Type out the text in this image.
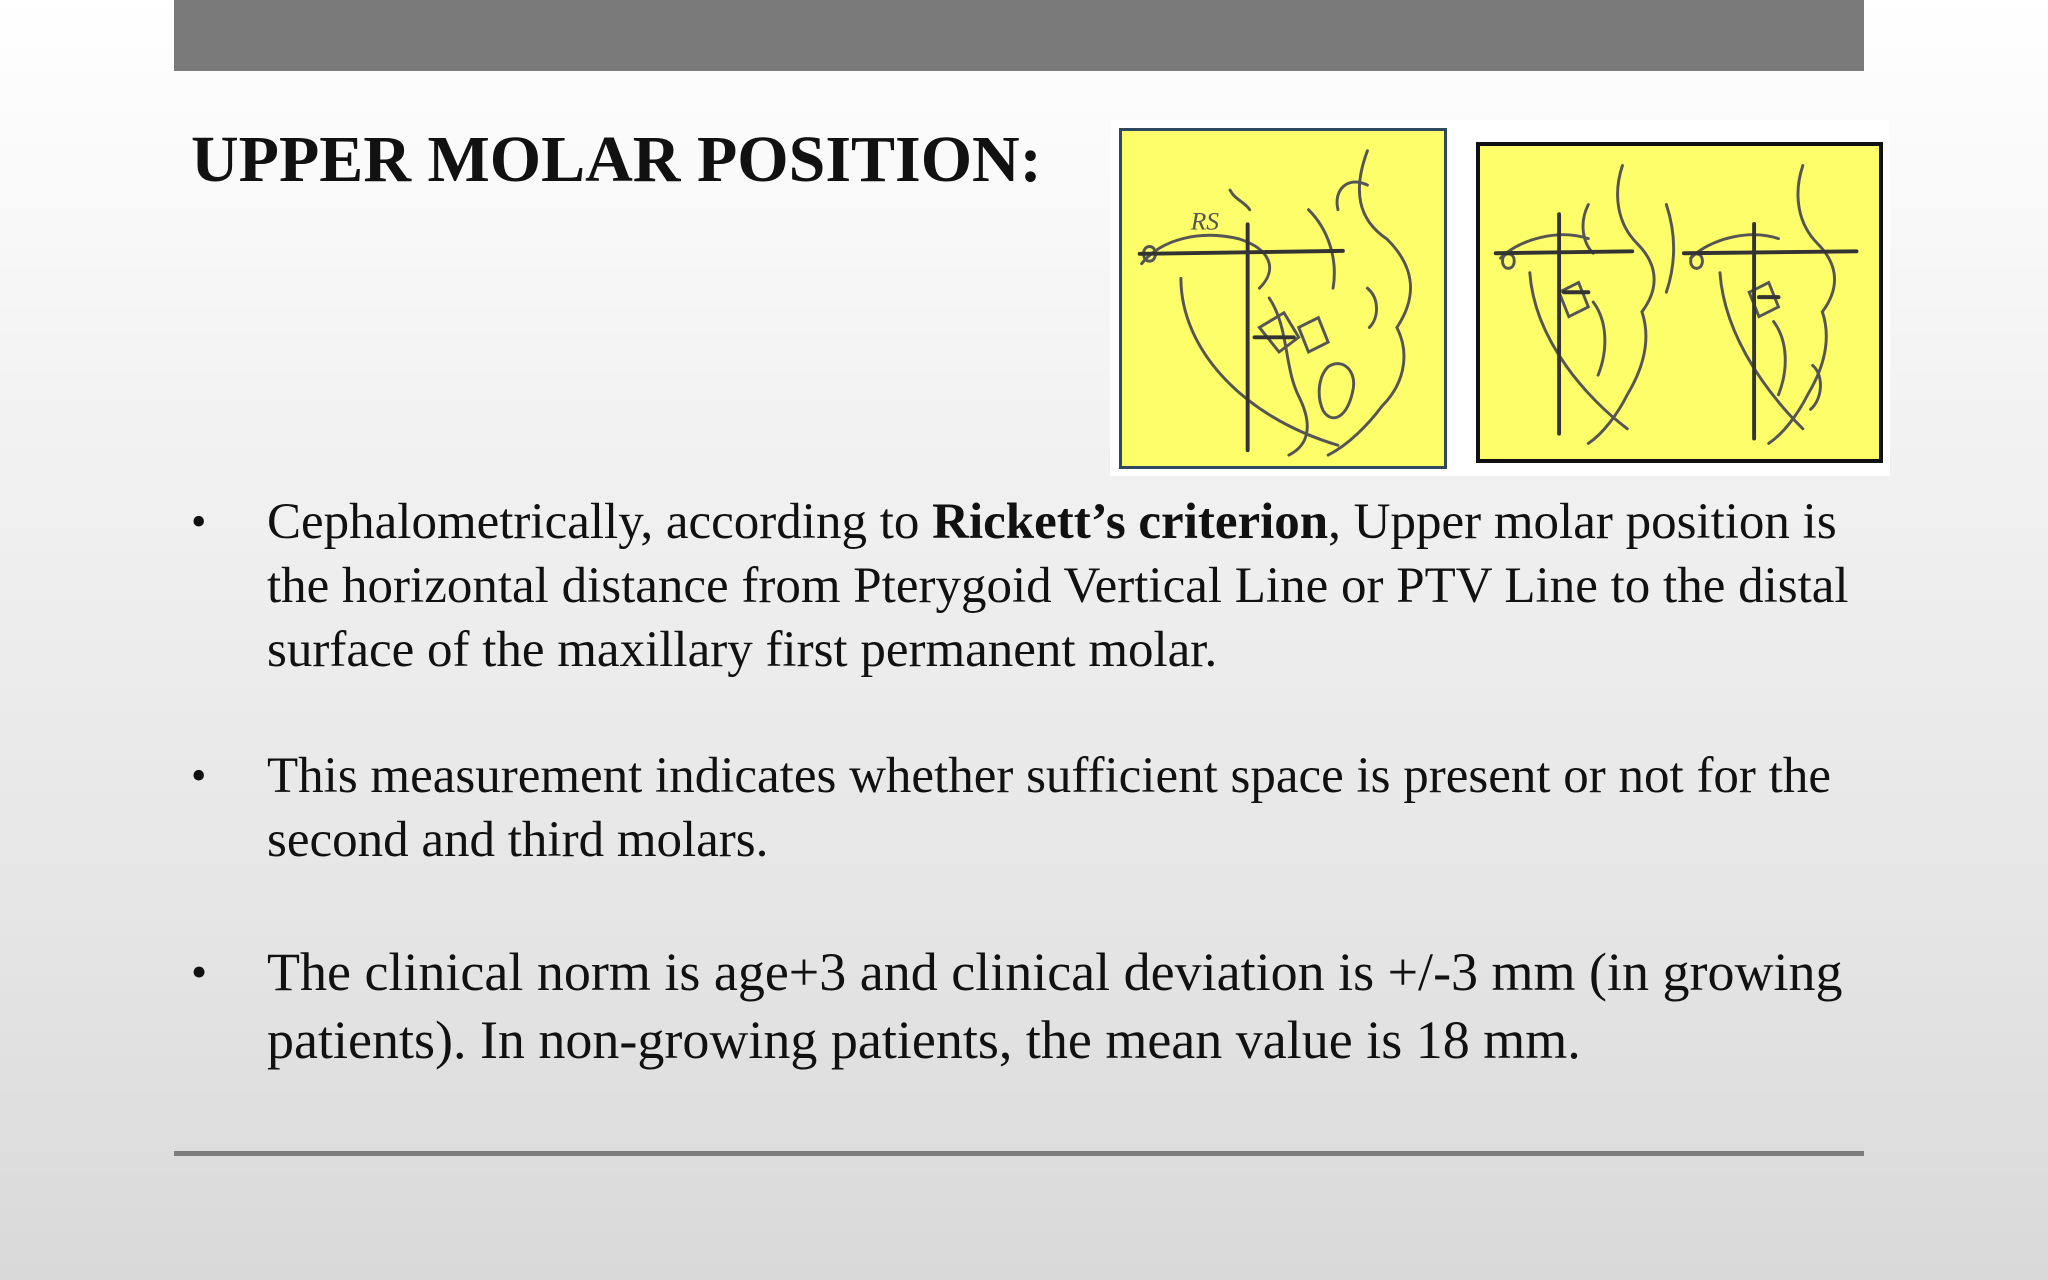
UPPER MOLAR POSITION:
RS
• Cephalometrically, according to Rickett’s criterion, Upper molar position is the horizontal distance from Pterygoid Vertical Line or PTV Line to the distal surface of the maxillary first permanent molar.
• This measurement indicates whether sufficient space is present or not for the second and third molars.
• The clinical norm is age+3 and clinical deviation is +/-3 mm (in growing patients). In non-growing patients, the mean value is 18 mm.
